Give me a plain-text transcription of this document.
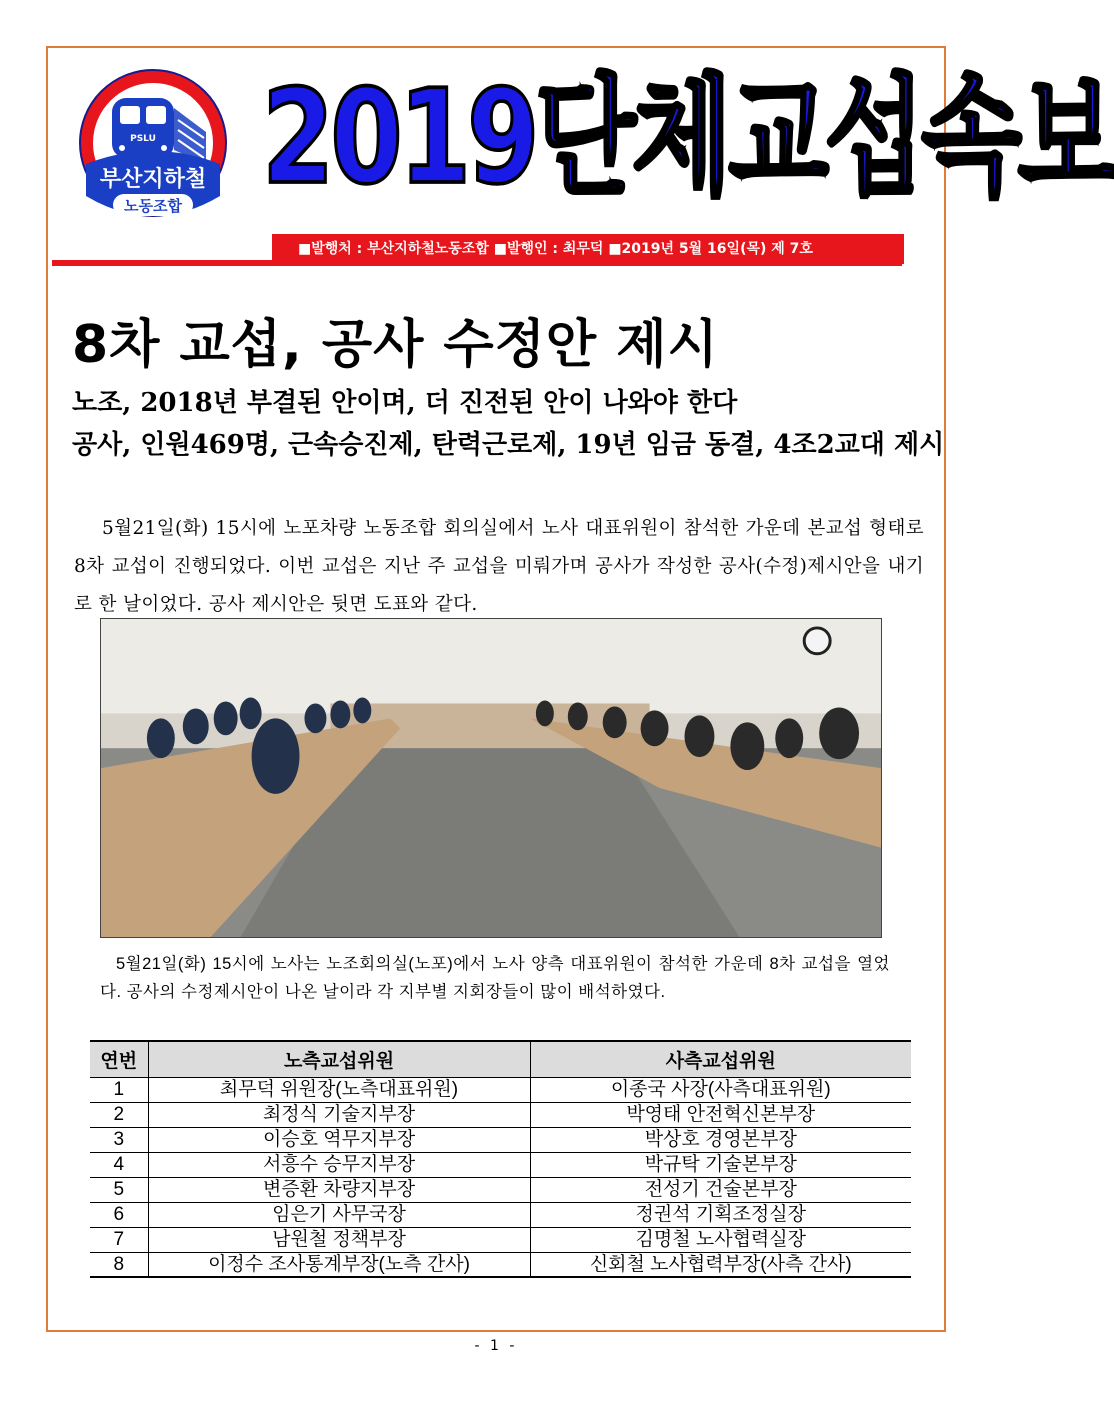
PSLU
부산지하철
노동조합 2019단체교섭속보
■발행처 : 부산지하철노동조합 ■발행인 : 최무덕 ■2019년 5월 16일(목) 제 7호
8차 교섭, 공사 수정안 제시
노조, 2018년 부결된 안이며, 더 진전된 안이 나와야 한다
공사, 인원469명, 근속승진제, 탄력근로제, 19년 임금 동결, 4조2교대 제시

5월21일(화) 15시에 노포차량 노동조합 회의실에서 노사 대표위원이 참석한 가운데 본교섭 형태로 8차 교섭이 진행되었다. 이번 교섭은 지난 주 교섭을 미뤄가며 공사가 작성한 공사(수정)제시안을 내기로 한 날이었다. 공사 제시안은 뒷면 도표와 같다.

5월21일(화) 15시에 노사는 노조회의실(노포)에서 노사 양측 대표위원이 참석한 가운데 8차 교섭을 열었다. 공사의 수정제시안이 나온 날이라 각 지부별 지회장들이 많이 배석하였다.

연번	노측교섭위원	사측교섭위원
1	최무덕 위원장(노측대표위원)	이종국 사장(사측대표위원)
2	최정식 기술지부장	박영태 안전혁신본부장
3	이승호 역무지부장	박상호 경영본부장
4	서흥수 승무지부장	박규탁 기술본부장
5	변증환 차량지부장	전성기 건술본부장
6	임은기 사무국장	정권석 기획조정실장
7	남원철 정책부장	김명철 노사협력실장
8	이정수 조사통계부장(노측 간사)	신회철 노사협력부장(사측 간사)
- 1 -
